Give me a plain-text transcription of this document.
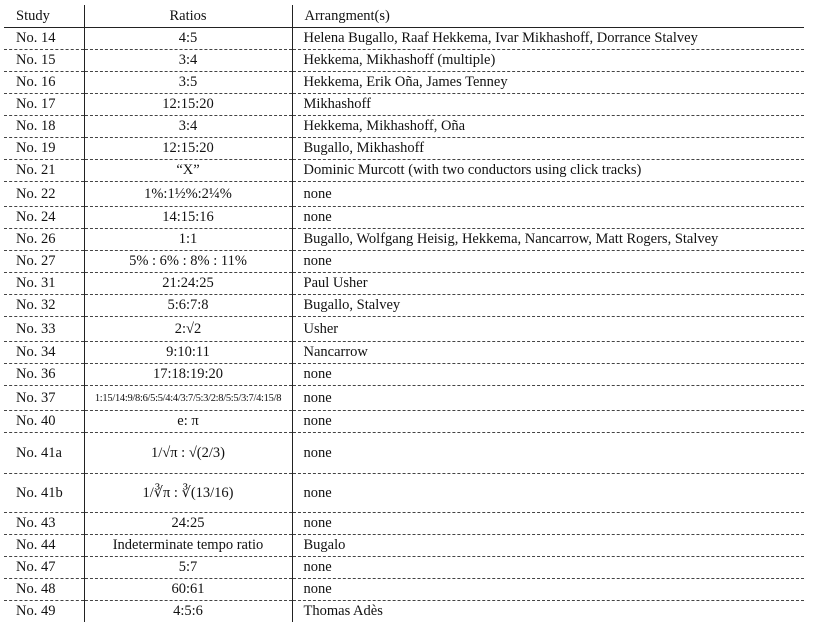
Study	Ratios	Arrangment(s)
No. 14	4:5	Helena Bugallo, Raaf Hekkema, Ivar Mikhashoff, Dorrance Stalvey
No. 15	3:4	Hekkema, Mikhashoff (multiple)
No. 16	3:5	Hekkema, Erik Oña, James Tenney
No. 17	12:15:20	Mikhashoff
No. 18	3:4	Hekkema, Mikhashoff, Oña
No. 19	12:15:20	Bugallo, Mikhashoff
No. 21	“X”	Dominic Murcott (with two conductors using click tracks)
No. 22	1%:1½%:2¼%	none
No. 24	14:15:16	none
No. 26	1:1	Bugallo, Wolfgang Heisig, Hekkema, Nancarrow, Matt Rogers, Stalvey
No. 27	5% : 6% : 8% : 11%	none
No. 31	21:24:25	Paul Usher
No. 32	5:6:7:8	Bugallo, Stalvey
No. 33	2:√2	Usher
No. 34	9:10:11	Nancarrow
No. 36	17:18:19:20	none
No. 37	1:15/14:9/8:6/5:5/4:4/3:7/5:3/2:8/5:5/3:7/4:15/8	none
No. 40	e: π	none
No. 41a	1/√π : √(2/3)	none
No. 41b	1/∛π : ∛(13/16)	none
No. 43	24:25	none
No. 44	Indeterminate tempo ratio	Bugalo
No. 47	5:7	none
No. 48	60:61	none
No. 49	4:5:6	Thomas Adès
